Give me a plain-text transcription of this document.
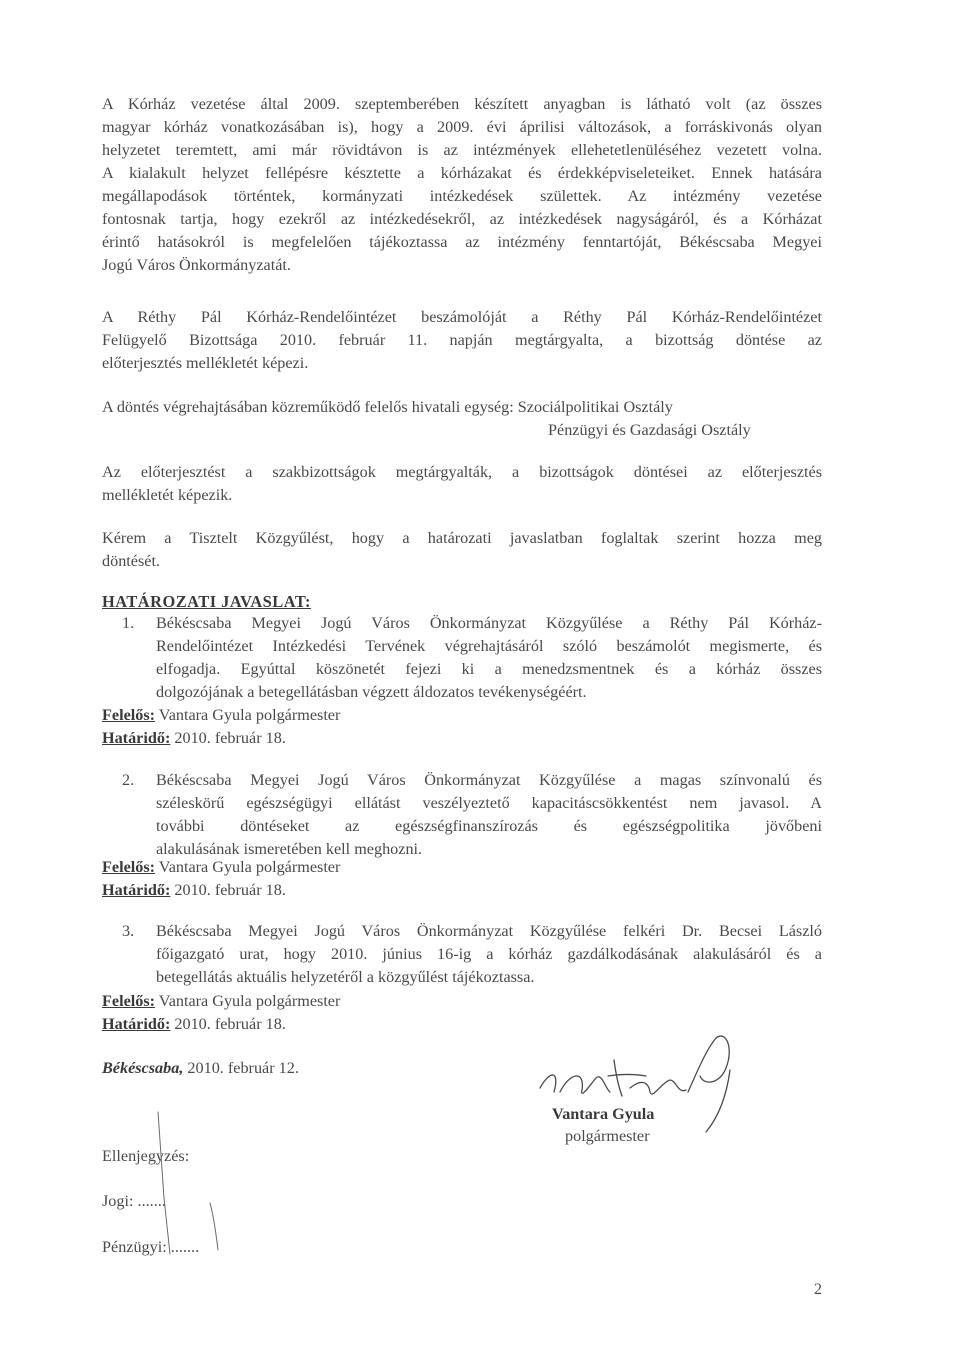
A Kórház vezetése által 2009. szeptemberében készített anyagban is látható volt (az összes
magyar kórház vonatkozásában is), hogy a 2009. évi áprilisi változások, a forráskivonás olyan
helyzetet teremtett, ami már rövidtávon is az intézmények ellehetetlenüléséhez vezetett volna.
A kialakult helyzet fellépésre késztette a kórházakat és érdekképviseleteiket. Ennek hatására
megállapodások történtek, kormányzati intézkedések születtek. Az intézmény vezetése
fontosnak tartja, hogy ezekről az intézkedésekről, az intézkedések nagyságáról, és a Kórházat
érintő hatásokról is megfelelően tájékoztassa az intézmény fenntartóját, Békéscsaba Megyei
Jogú Város Önkormányzatát.
A Réthy Pál Kórház-Rendelőintézet beszámolóját a Réthy Pál Kórház-Rendelőintézet
Felügyelő Bizottsága 2010. február 11. napján megtárgyalta, a bizottság döntése az
előterjesztés mellékletét képezi.
A döntés végrehajtásában közreműködő felelős hivatali egység: Szociálpolitikai Osztály
Pénzügyi és Gazdasági Osztály
Az előterjesztést a szakbizottságok megtárgyalták, a bizottságok döntései az előterjesztés
mellékletét képezik.
Kérem a Tisztelt Közgyűlést, hogy a határozati javaslatban foglaltak szerint hozza meg
döntését.
HATÁROZATI JAVASLAT:
1. Békéscsaba Megyei Jogú Város Önkormányzat Közgyűlése a Réthy Pál Kórház-
Rendelőintézet Intézkedési Tervének végrehajtásáról szóló beszámolót megismerte, és
elfogadja. Egyúttal köszönetét fejezi ki a menedzsmentnek és a kórház összes
dolgozójának a betegellátásban végzett áldozatos tevékenységéért.
Felelős: Vantara Gyula polgármester
Határidő: 2010. február 18.
2. Békéscsaba Megyei Jogú Város Önkormányzat Közgyűlése a magas színvonalú és
széleskörű egészségügyi ellátást veszélyeztető kapacitáscsökkentést nem javasol. A
további döntéseket az egészségfinanszírozás és egészségpolitika jövőbeni
alakulásának ismeretében kell meghozni.
Felelős: Vantara Gyula polgármester
Határidő: 2010. február 18.
3. Békéscsaba Megyei Jogú Város Önkormányzat Közgyűlése felkéri Dr. Becsei László
főigazgató urat, hogy 2010. június 16-ig a kórház gazdálkodásának alakulásáról és a
betegellátás aktuális helyzetéről a közgyűlést tájékoztassa.
Felelős: Vantara Gyula polgármester
Határidő: 2010. február 18.
Békéscsaba, 2010. február 12.
Vantara Gyula
polgármester
Ellenjegyzés:
Jogi: .......
Pénzügyi: .......
2
